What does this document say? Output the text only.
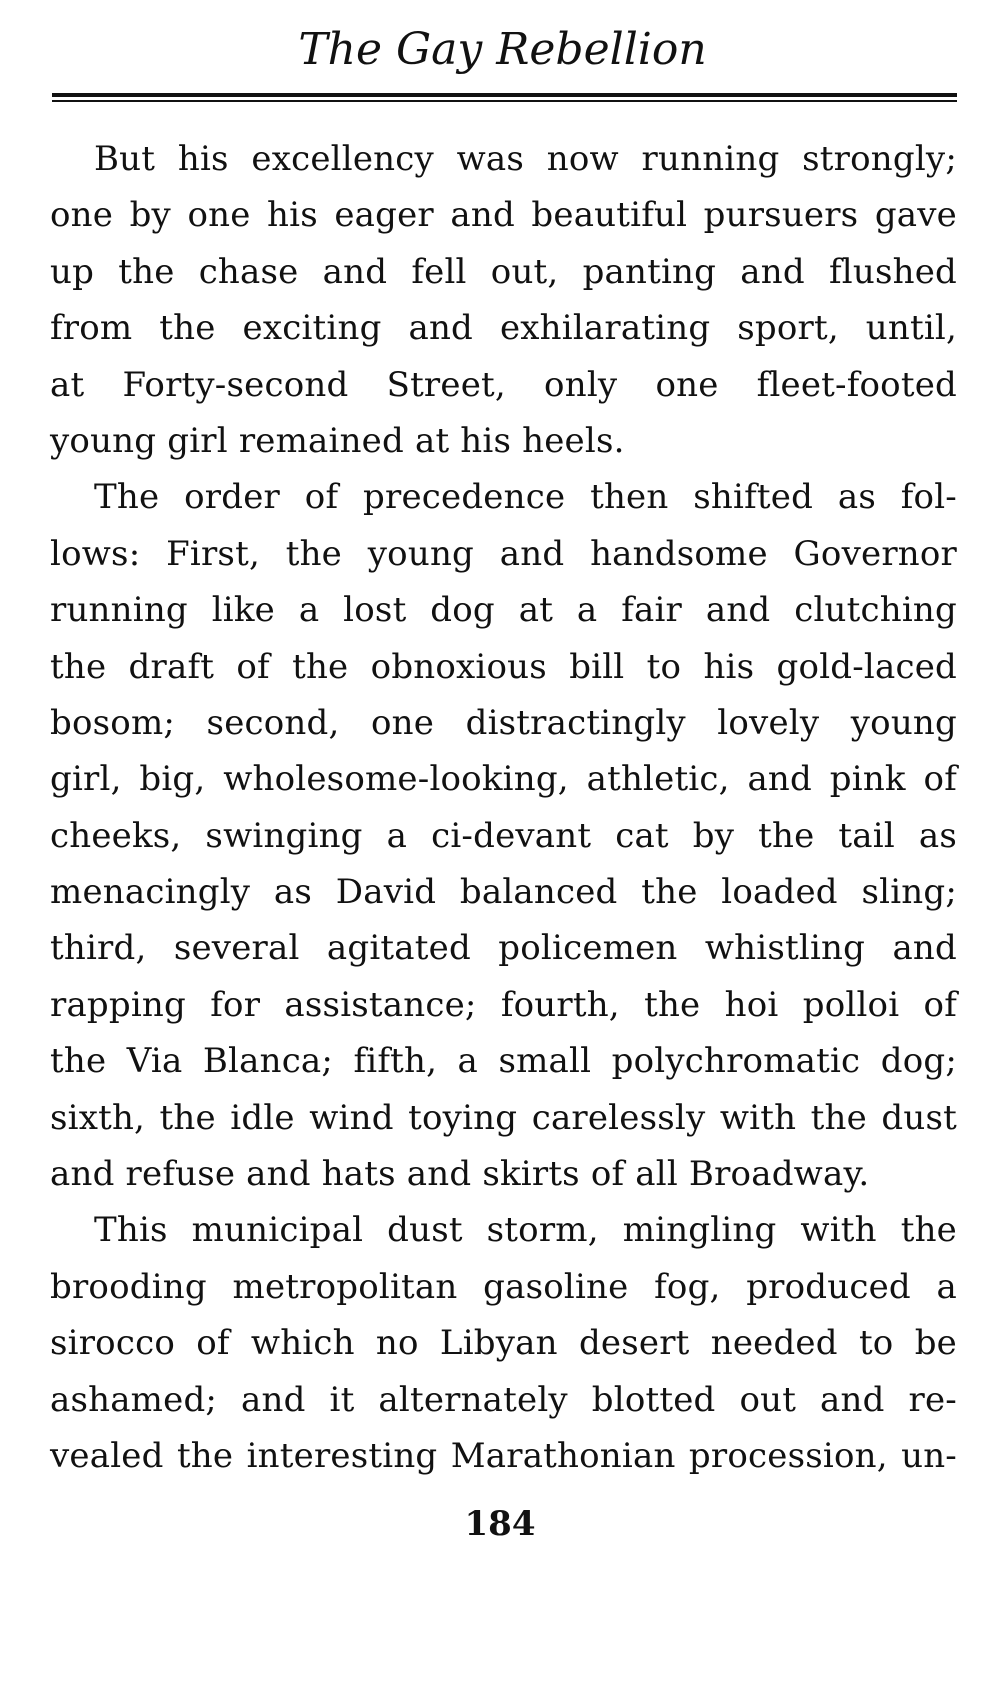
The Gay Rebellion
But his excellency was now running strongly;
one by one his eager and beautiful pursuers gave
up the chase and fell out, panting and flushed
from the exciting and exhilarating sport, until,
at Forty-second Street, only one fleet-footed
young girl remained at his heels.
The order of precedence then shifted as fol-
lows: First, the young and handsome Governor
running like a lost dog at a fair and clutching
the draft of the obnoxious bill to his gold-laced
bosom; second, one distractingly lovely young
girl, big, wholesome-looking, athletic, and pink of
cheeks, swinging a ci-devant cat by the tail as
menacingly as David balanced the loaded sling;
third, several agitated policemen whistling and
rapping for assistance; fourth, the hoi polloi of
the Via Blanca; fifth, a small polychromatic dog;
sixth, the idle wind toying carelessly with the dust
and refuse and hats and skirts of all Broadway.
This municipal dust storm, mingling with the
brooding metropolitan gasoline fog, produced a
sirocco of which no Libyan desert needed to be
ashamed; and it alternately blotted out and re-
vealed the interesting Marathonian procession, un-
184
